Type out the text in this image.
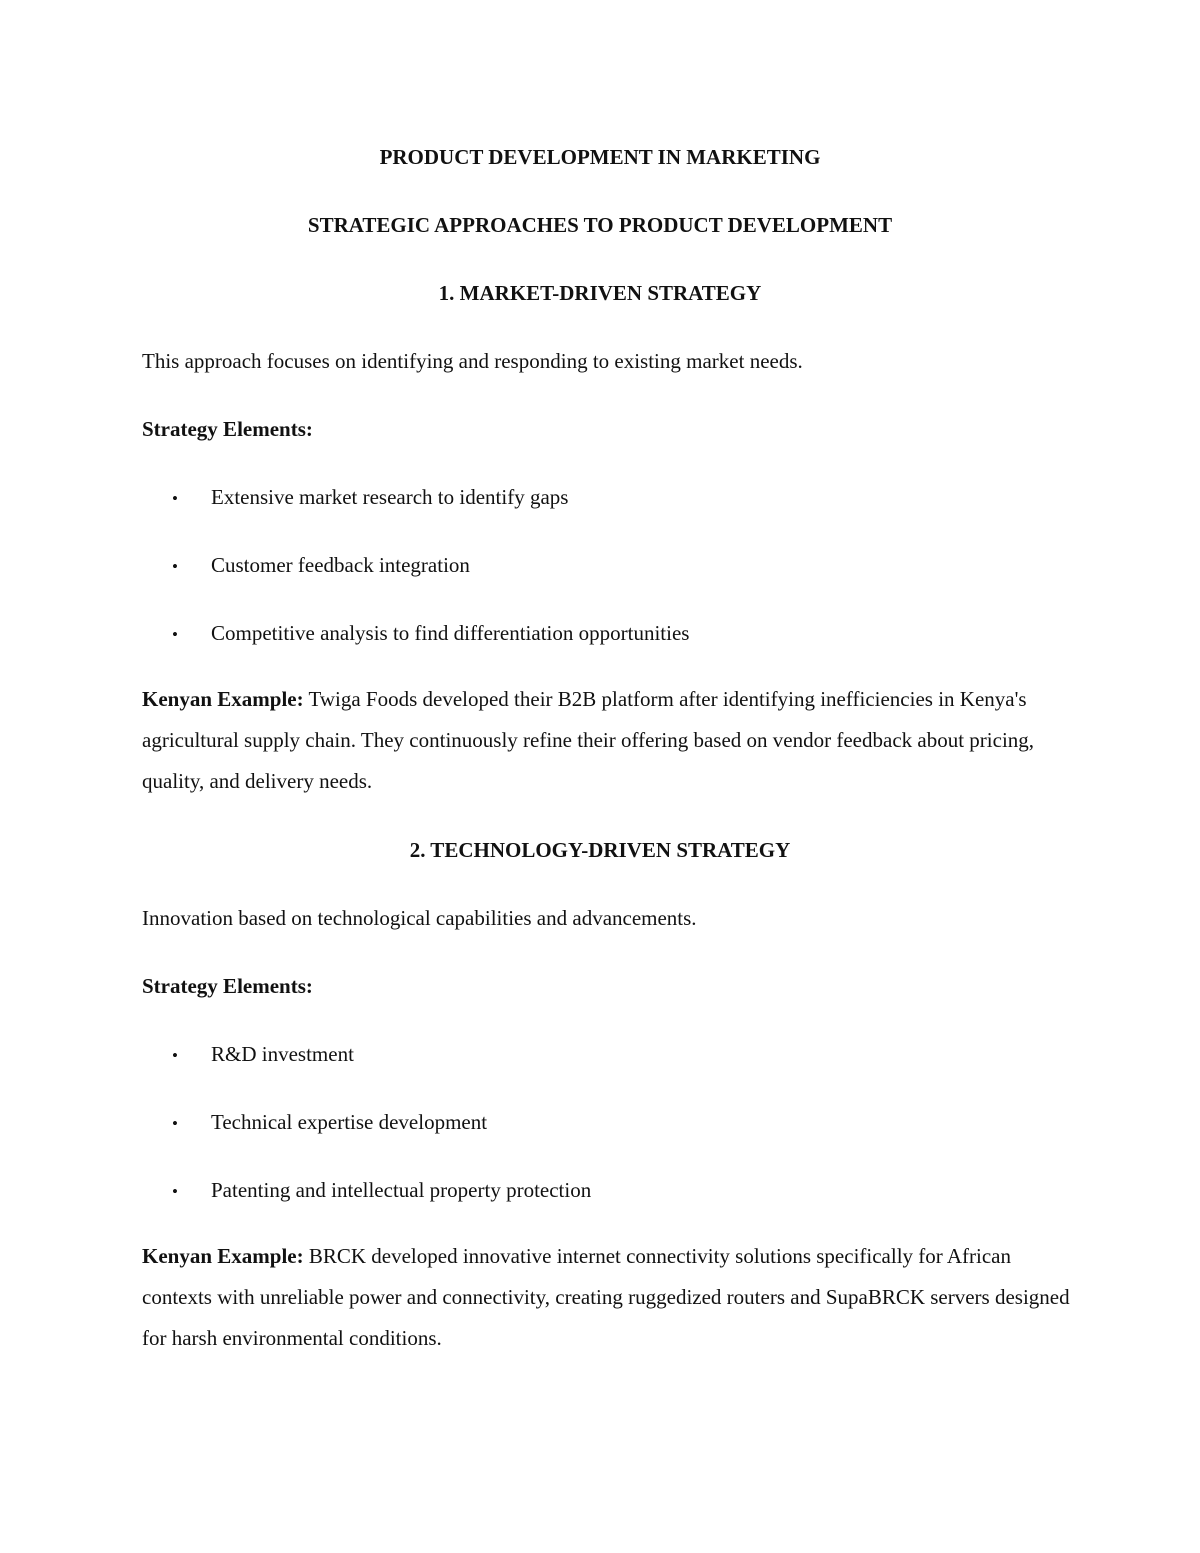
PRODUCT DEVELOPMENT IN MARKETING
STRATEGIC APPROACHES TO PRODUCT DEVELOPMENT
1. MARKET-DRIVEN STRATEGY
This approach focuses on identifying and responding to existing market needs.
Strategy Elements:
• Extensive market research to identify gaps
• Customer feedback integration
• Competitive analysis to find differentiation opportunities
Kenyan Example: Twiga Foods developed their B2B platform after identifying inefficiencies in Kenya's agricultural supply chain. They continuously refine their offering based on vendor feedback about pricing, quality, and delivery needs.
2. TECHNOLOGY-DRIVEN STRATEGY
Innovation based on technological capabilities and advancements.
Strategy Elements:
• R&D investment
• Technical expertise development
• Patenting and intellectual property protection
Kenyan Example: BRCK developed innovative internet connectivity solutions specifically for African contexts with unreliable power and connectivity, creating ruggedized routers and SupaBRCK servers designed for harsh environmental conditions.
